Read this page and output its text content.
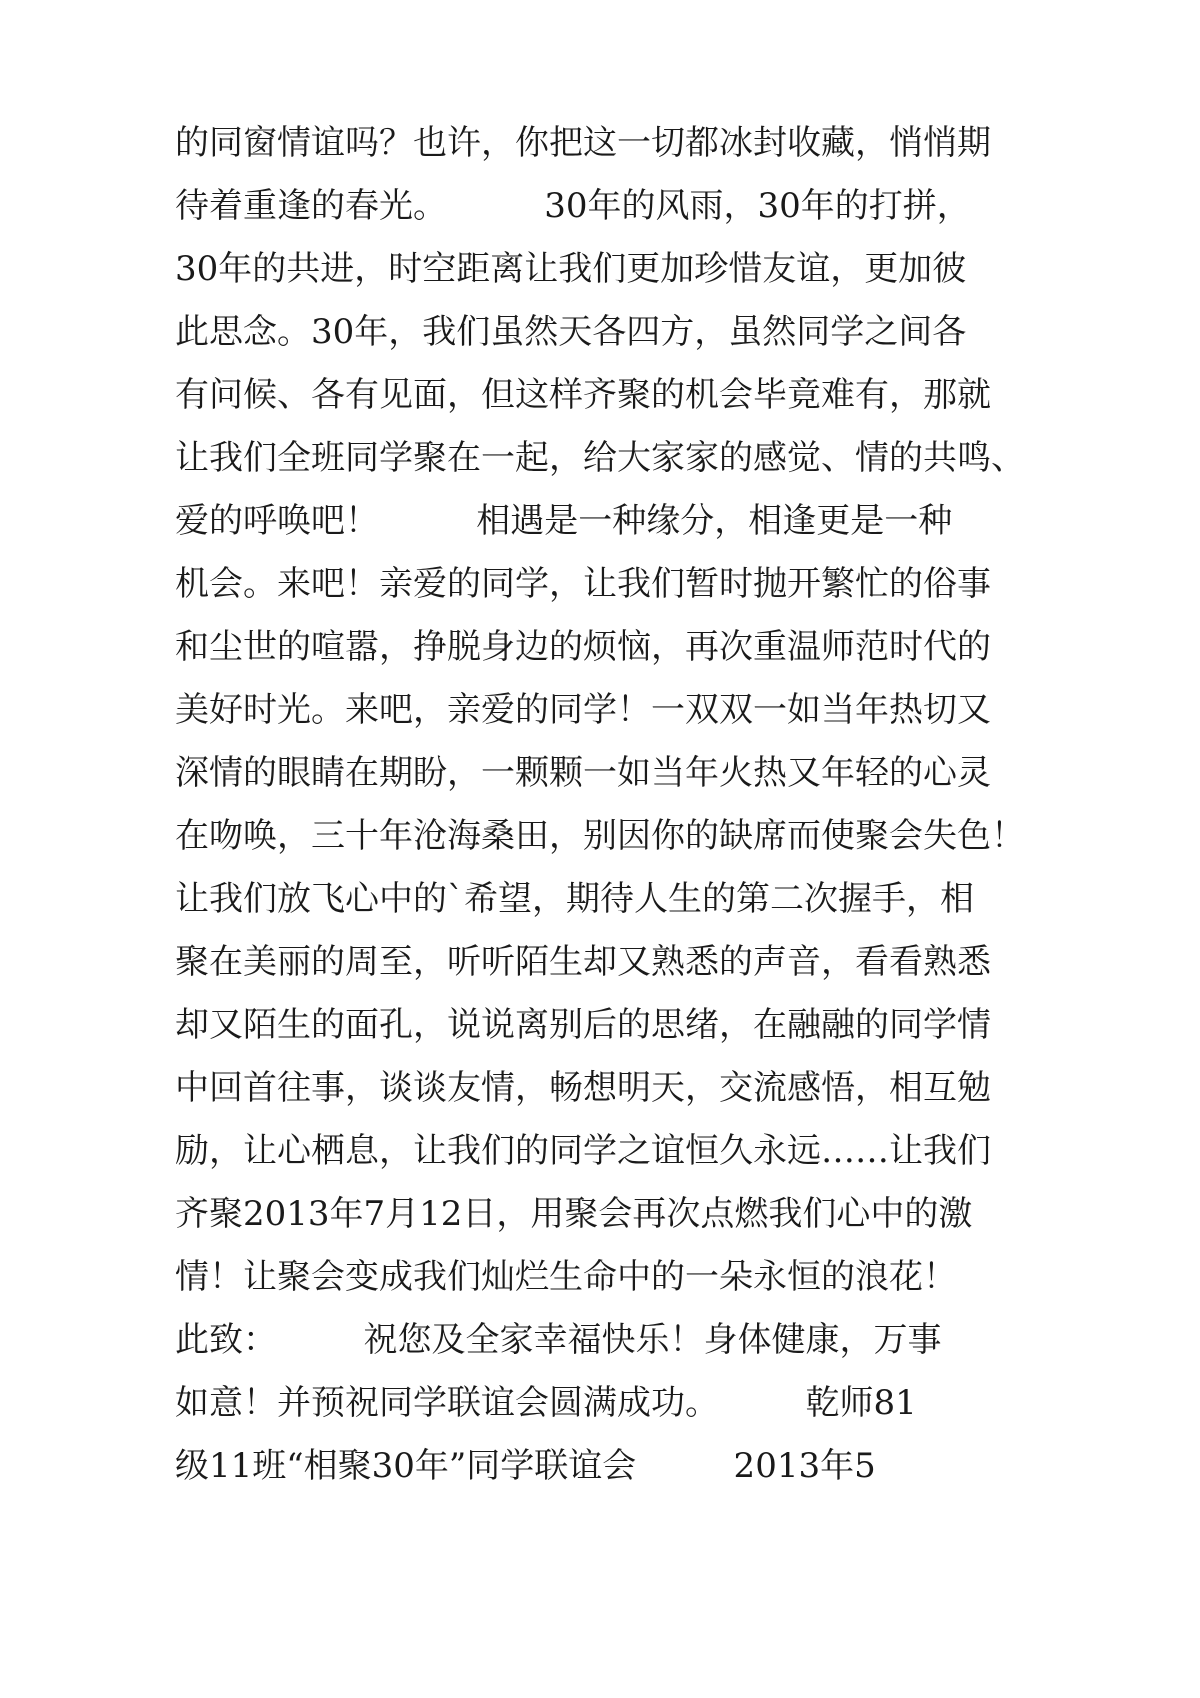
的同窗情谊吗？也许，你把这一切都冰封收藏，悄悄期
待着重逢的春光。         30年的风雨，30年的打拼，
30年的共进，时空距离让我们更加珍惜友谊，更加彼
此思念。30年，我们虽然天各四方，虽然同学之间各
有问候、各有见面，但这样齐聚的机会毕竟难有，那就
让我们全班同学聚在一起，给大家家的感觉、情的共鸣、
爱的呼唤吧！         相遇是一种缘分，相逢更是一种
机会。来吧！亲爱的同学，让我们暂时抛开繁忙的俗事
和尘世的喧嚣，挣脱身边的烦恼，再次重温师范时代的
美好时光。来吧，亲爱的同学！一双双一如当年热切又
深情的眼睛在期盼，一颗颗一如当年火热又年轻的心灵
在吻唤，三十年沧海桑田，别因你的缺席而使聚会失色！
让我们放飞心中的`希望，期待人生的第二次握手，相
聚在美丽的周至，听听陌生却又熟悉的声音，看看熟悉
却又陌生的面孔，说说离别后的思绪，在融融的同学情
中回首往事，谈谈友情，畅想明天，交流感悟，相互勉
励，让心栖息，让我们的同学之谊恒久永远……让我们
齐聚2013年7月12日，用聚会再次点燃我们心中的激
情！让聚会变成我们灿烂生命中的一朵永恒的浪花！
此致：        祝您及全家幸福快乐！身体健康，万事
如意！并预祝同学联谊会圆满成功。        乾师81
级11班“相聚30年”同学联谊会         2013年5
